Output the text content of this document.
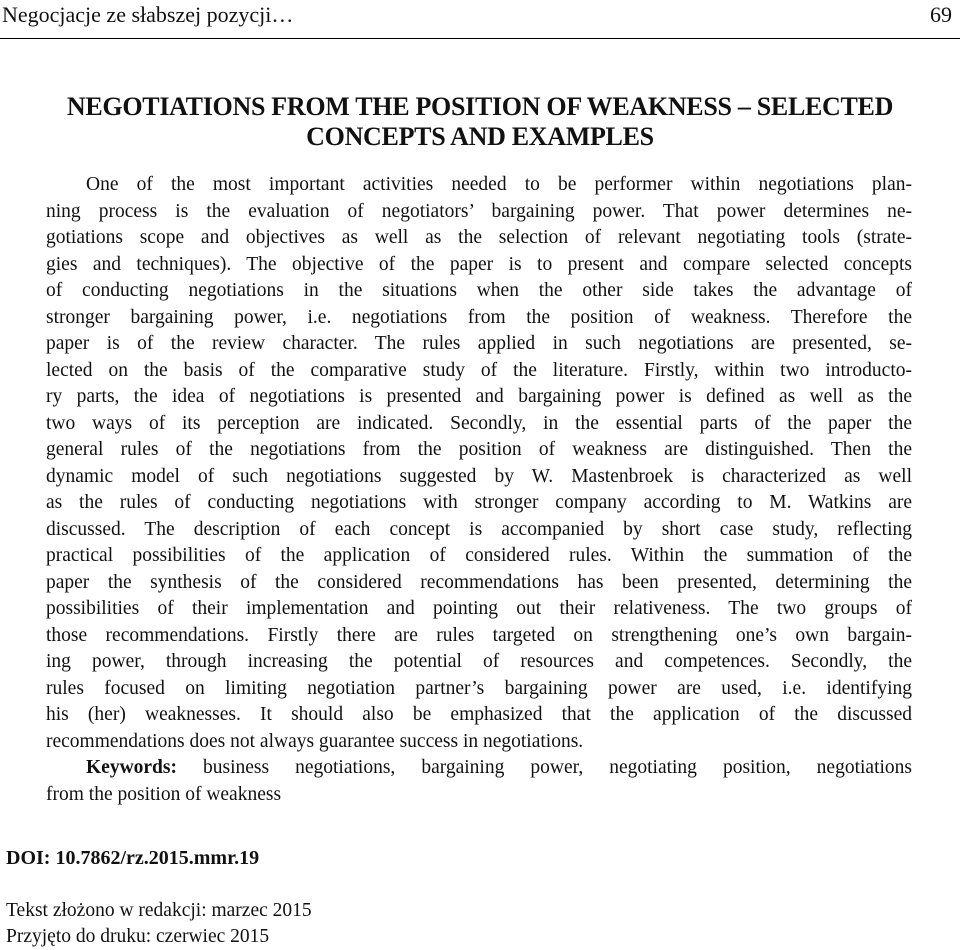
Negocjacje ze słabszej pozycji…	69
NEGOTIATIONS FROM THE POSITION OF WEAKNESS – SELECTED
CONCEPTS AND EXAMPLES
One of the most important activities needed to be performer within negotiations plan-
ning process is the evaluation of negotiators’ bargaining power. That power determines ne-
gotiations scope and objectives as well as the selection of relevant negotiating tools (strate-
gies and techniques). The objective of the paper is to present and compare selected concepts
of conducting negotiations in the situations when the other side takes the advantage of
stronger bargaining power, i.e. negotiations from the position of weakness. Therefore the
paper is of the review character. The rules applied in such negotiations are presented, se-
lected on the basis of the comparative study of the literature. Firstly, within two introducto-
ry parts, the idea of negotiations is presented and bargaining power is defined as well as the
two ways of its perception are indicated. Secondly, in the essential parts of the paper the
general rules of the negotiations from the position of weakness are distinguished. Then the
dynamic model of such negotiations suggested by W. Mastenbroek is characterized as well
as the rules of conducting negotiations with stronger company according to M. Watkins are
discussed. The description of each concept is accompanied by short case study, reflecting
practical possibilities of the application of considered rules. Within the summation of the
paper the synthesis of the considered recommendations has been presented, determining the
possibilities of their implementation and pointing out their relativeness. The two groups of
those recommendations. Firstly there are rules targeted on strengthening one’s own bargain-
ing power, through increasing the potential of resources and competences. Secondly, the
rules focused on limiting negotiation partner’s bargaining power are used, i.e. identifying
his (her) weaknesses. It should also be emphasized that the application of the discussed
recommendations does not always guarantee success in negotiations.
Keywords: business negotiations, bargaining power, negotiating position, negotiations
from the position of weakness
DOI: 10.7862/rz.2015.mmr.19
Tekst złożono w redakcji: marzec 2015
Przyjęto do druku: czerwiec 2015
